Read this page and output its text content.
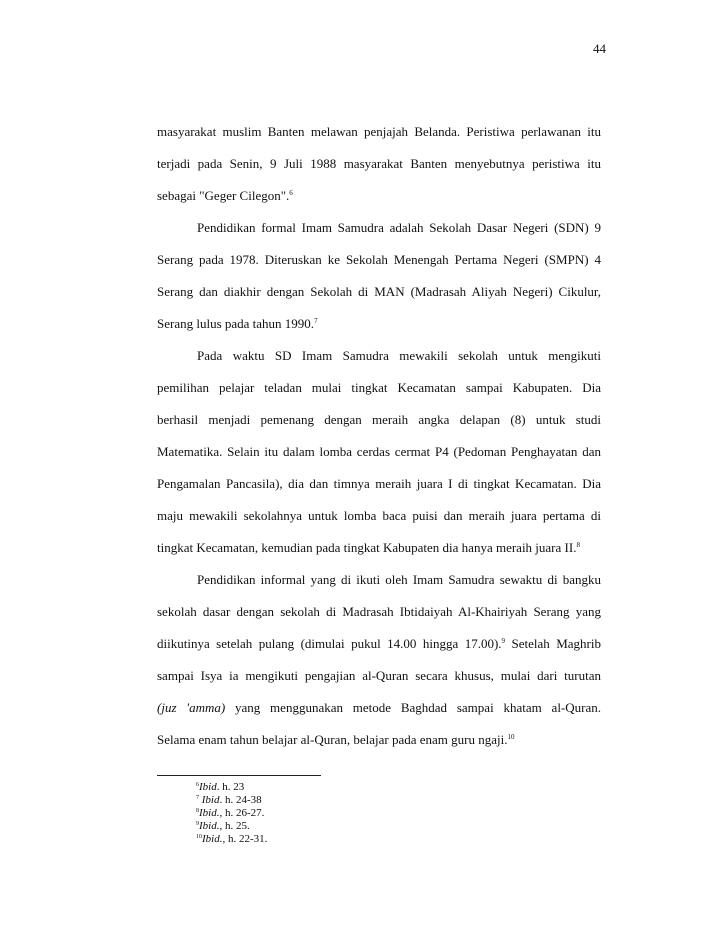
44
masyarakat muslim Banten melawan penjajah Belanda. Peristiwa perlawanan itu
terjadi pada Senin, 9 Juli 1988 masyarakat Banten menyebutnya peristiwa itu
sebagai "Geger Cilegon".$^6$
Pendidikan formal Imam Samudra adalah Sekolah Dasar Negeri (SDN) 9
Serang pada 1978. Diteruskan ke Sekolah Menengah Pertama Negeri (SMPN) 4
Serang dan diakhir dengan Sekolah di MAN (Madrasah Aliyah Negeri) Cikulur,
Serang lulus pada tahun 1990.$^7$
Pada waktu SD Imam Samudra mewakili sekolah untuk mengikuti
pemilihan pelajar teladan mulai tingkat Kecamatan sampai Kabupaten. Dia
berhasil menjadi pemenang dengan meraih angka delapan (8) untuk studi
Matematika. Selain itu dalam lomba cerdas cermat P4 (Pedoman Penghayatan dan
Pengamalan Pancasila), dia dan timnya meraih juara I di tingkat Kecamatan. Dia
maju mewakili sekolahnya untuk lomba baca puisi dan meraih juara pertama di
tingkat Kecamatan, kemudian pada tingkat Kabupaten dia hanya meraih juara II.$^8$
Pendidikan informal yang di ikuti oleh Imam Samudra sewaktu di bangku
sekolah dasar dengan sekolah di Madrasah Ibtidaiyah Al-Khairiyah Serang yang
diikutinya setelah pulang (dimulai pukul 14.00 hingga 17.00).$^9$ Setelah Maghrib
sampai Isya ia mengikuti pengajian al-Quran secara khusus, mulai dari turutan
(juz 'amma) yang menggunakan metode Baghdad sampai khatam al-Quran.
Selama enam tahun belajar al-Quran, belajar pada enam guru ngaji.$^{10}$
$^6$Ibid. h. 23
$^7$ Ibid. h. 24-38
$^8$Ibid., h. 26-27.
$^9$Ibid., h. 25.
$^{10}$Ibid., h. 22-31.
